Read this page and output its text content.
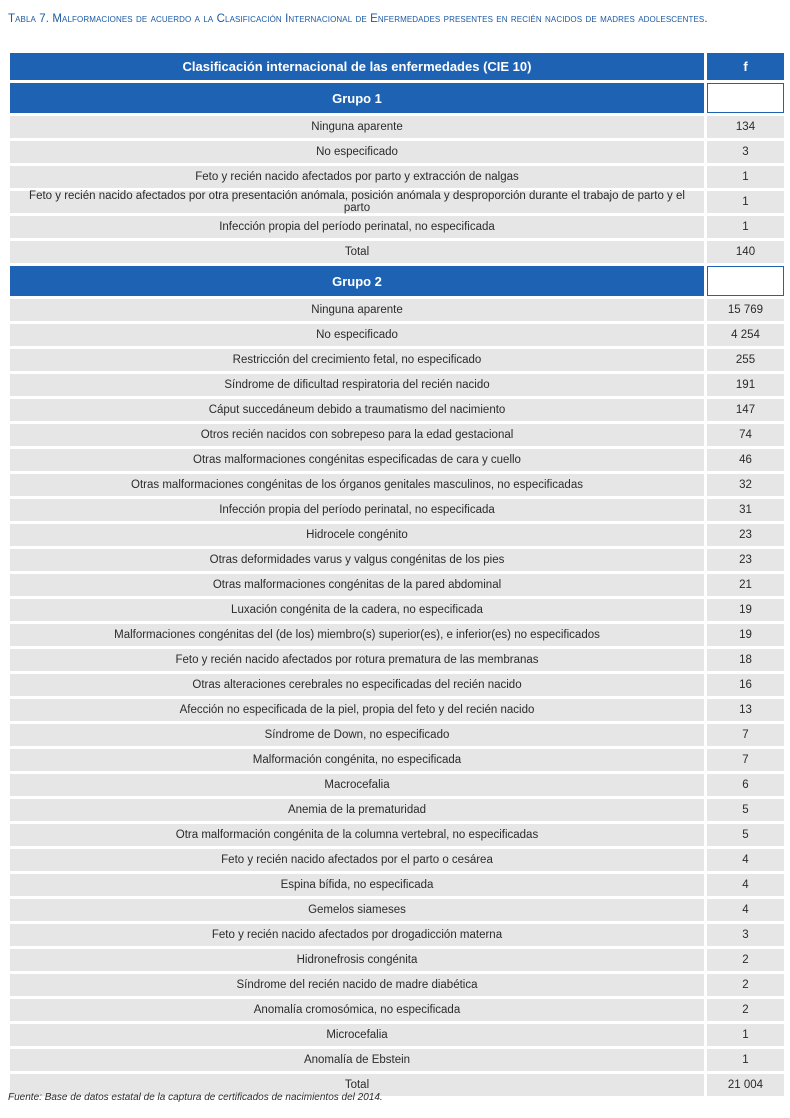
Tabla 7. Malformaciones de acuerdo a la Clasificación Internacional de Enfermedades presentes en recién nacidos de madres adolescentes.
Clasificación internacional de las enfermedades (CIE 10)	f
Grupo 1
Ninguna aparente	134
No especificado	3
Feto y recién nacido afectados por parto y extracción de nalgas	1
Feto y recién nacido afectados por otra presentación anómala, posición anómala y desproporción durante el trabajo de parto y el parto	1
Infección propia del período perinatal, no especificada	1
Total	140
Grupo 2
Ninguna aparente	15 769
No especificado	4 254
Restricción del crecimiento fetal, no especificado	255
Síndrome de dificultad respiratoria del recién nacido	191
Cáput succedáneum debido a traumatismo del nacimiento	147
Otros recién nacidos con sobrepeso para la edad gestacional	74
Otras malformaciones congénitas especificadas de cara y cuello	46
Otras malformaciones congénitas de los órganos genitales masculinos, no especificadas	32
Infección propia del período perinatal, no especificada	31
Hidrocele congénito	23
Otras deformidades varus y valgus congénitas de los pies	23
Otras malformaciones congénitas de la pared abdominal	21
Luxación congénita de la cadera, no especificada	19
Malformaciones congénitas del (de los) miembro(s) superior(es), e inferior(es) no especificados	19
Feto y recién nacido afectados por rotura prematura de las membranas	18
Otras alteraciones cerebrales no especificadas del recién nacido	16
Afección no especificada de la piel, propia del feto y del recién nacido	13
Síndrome de Down, no especificado	7
Malformación congénita, no especificada	7
Macrocefalia	6
Anemia de la prematuridad	5
Otra malformación congénita de la columna vertebral, no especificadas	5
Feto y recién nacido afectados por el parto o cesárea	4
Espina bífida, no especificada	4
Gemelos siameses	4
Feto y recién nacido afectados por drogadicción materna	3
Hidronefrosis congénita	2
Síndrome del recién nacido de madre diabética	2
Anomalía cromosómica, no especificada	2
Microcefalia	1
Anomalía de Ebstein	1
Total	21 004
Fuente: Base de datos estatal de la captura de certificados de nacimientos del 2014.
